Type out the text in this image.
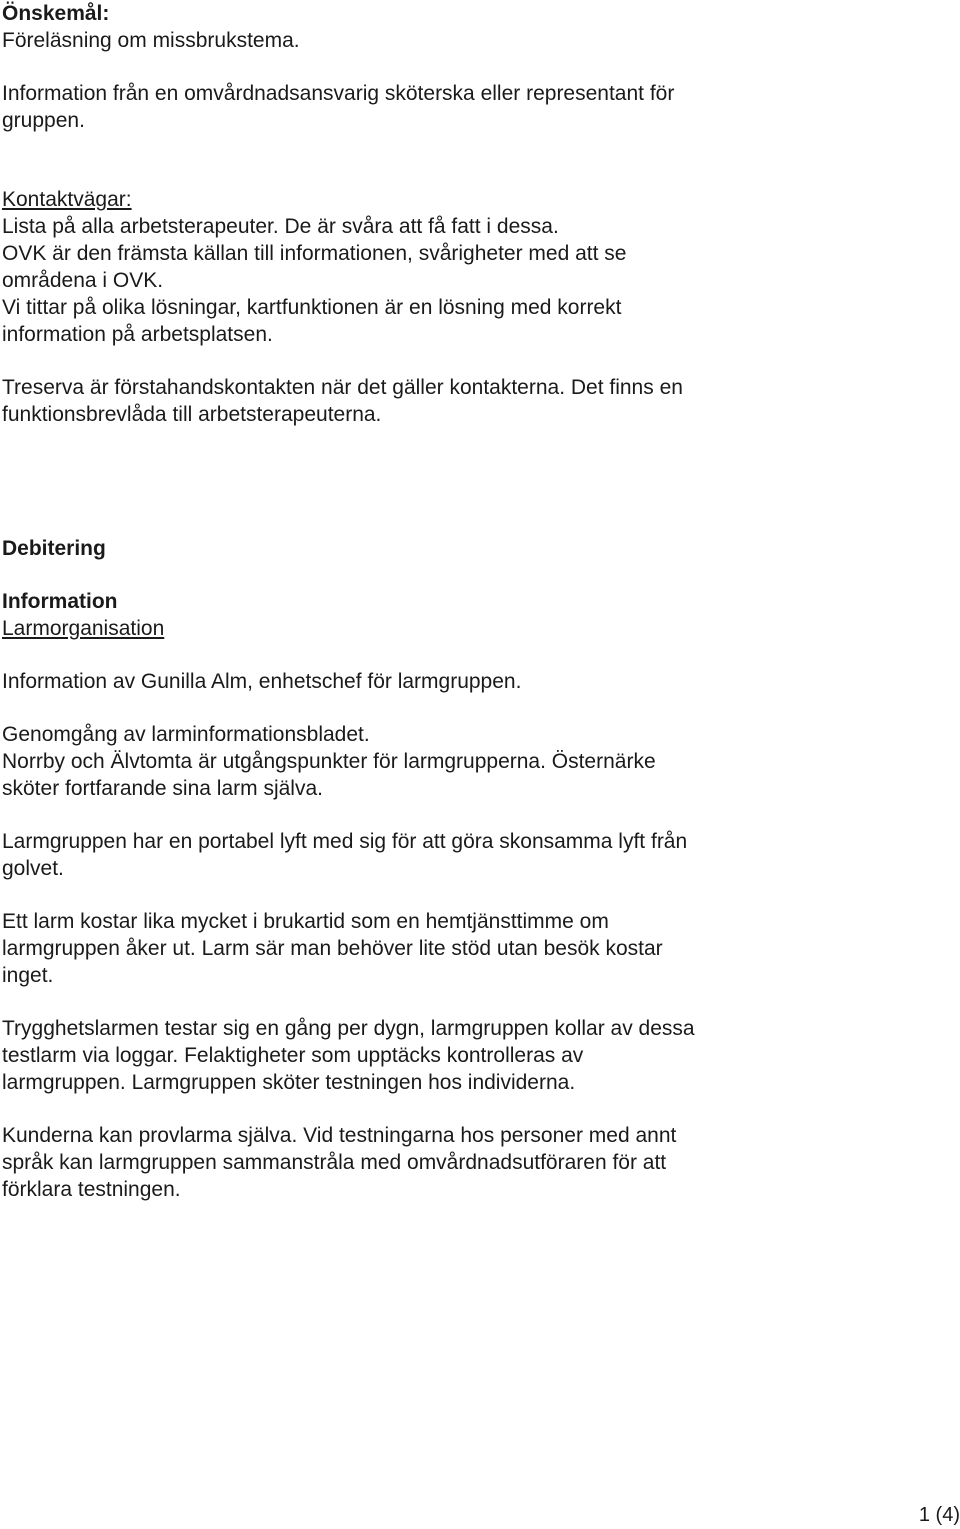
Önskemål:
Föreläsning om missbrukstema.
Information från en omvårdnadsansvarig sköterska eller representant för
gruppen.
Kontaktvägar:
Lista på alla arbetsterapeuter. De är svåra att få fatt i dessa.
OVK är den främsta källan till informationen, svårigheter med att se
områdena i OVK.
Vi tittar på olika lösningar, kartfunktionen är en lösning med korrekt
information på arbetsplatsen.
Treserva är förstahandskontakten när det gäller kontakterna. Det finns en
funktionsbrevlåda till arbetsterapeuterna.
Debitering
Information
Larmorganisation
Information av Gunilla Alm, enhetschef för larmgruppen.
Genomgång av larminformationsbladet.
Norrby och Älvtomta är utgångspunkter för larmgrupperna. Östernärke
sköter fortfarande sina larm själva.
Larmgruppen har en portabel lyft med sig för att göra skonsamma lyft från
golvet.
Ett larm kostar lika mycket i brukartid som en hemtjänsttimme om
larmgruppen åker ut. Larm sär man behöver lite stöd utan besök kostar
inget.
Trygghetslarmen testar sig en gång per dygn, larmgruppen kollar av dessa
testlarm via loggar. Felaktigheter som upptäcks kontrolleras av
larmgruppen. Larmgruppen sköter testningen hos individerna.
Kunderna kan provlarma själva. Vid testningarna hos personer med annt
språk kan larmgruppen sammanstråla med omvårdnadsutföraren för att
förklara testningen.
1 (4)
